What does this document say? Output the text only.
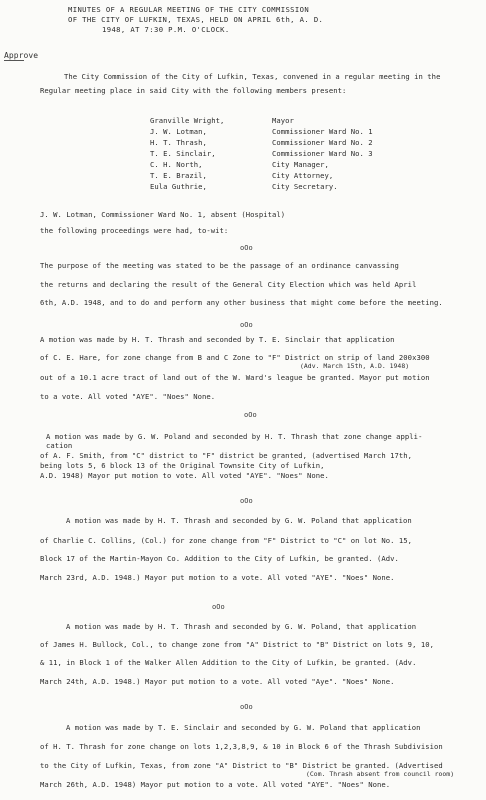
MINUTES OF A REGULAR MEETING OF THE CITY COMMISSION
OF THE CITY OF LUFKIN, TEXAS, HELD ON APRIL 6th, A. D.
1948, AT 7:30 P.M. O'CLOCK.
Approve
The City Commission of the City of Lufkin, Texas, convened in a regular meeting in the
Regular meeting place in said City with the following members present:
Granville Wright,	Mayor
J. W. Lotman,	Commissioner Ward No. 1
H. T. Thrash,	Commissioner Ward No. 2
T. E. Sinclair,	Commissioner Ward No. 3
C. H. North,	City Manager,
T. E. Brazil,	City Attorney,
Eula Guthrie,	City Secretary.
J. W. Lotman, Commissioner Ward No. 1, absent (Hospital)
the following proceedings were had, to-wit:
oOo
The purpose of the meeting was stated to be the passage of an ordinance canvassing
the returns and declaring the result of the General City Election which was held April
6th, A.D. 1948, and to do and perform any other business that might come before the meeting.
oOo
A motion was made by H. T. Thrash and seconded by T. E. Sinclair that application
of C. E. Hare, for zone change from B and C Zone to "F" District on strip of land 200x300
(Adv. March 15th, A.D. 1948)
out of a 10.1 acre tract of land out of the W. Ward's league be granted. Mayor put motion
to a vote. All voted "AYE". "Noes" None.
oOo
A motion was made by G. W. Poland and seconded by H. T. Thrash that zone change appli-
cation
of A. F. Smith, from "C" district to "F" district be granted, (advertised March 17th,
being lots 5, 6 block 13 of the Original Townsite City of Lufkin,
A.D. 1948) Mayor put motion to vote. All voted "AYE". "Noes" None.
oOo
A motion was made by H. T. Thrash and seconded by G. W. Poland that application
of Charlie C. Collins, (Col.) for zone change from "F" District to "C" on lot No. 15,
Block 17 of the Martin-Mayon Co. Addition to the City of Lufkin, be granted. (Adv.
March 23rd, A.D. 1948.) Mayor put motion to a vote. All voted "AYE". "Noes" None.
oOo
A motion was made by H. T. Thrash and seconded by G. W. Poland, that application
of James H. Bullock, Col., to change zone from "A" District to "B" District on lots 9, 10,
& 11, in Block 1 of the Walker Allen Addition to the City of Lufkin, be granted. (Adv.
March 24th, A.D. 1948.) Mayor put motion to a vote. All voted "Aye". "Noes" None.
oOo
A motion was made by T. E. Sinclair and seconded by G. W. Poland that application
of H. T. Thrash for zone change on lots 1,2,3,8,9, & 10 in Block 6 of the Thrash Subdivision
to the City of Lufkin, Texas, from zone "A" District to "B" District be granted. (Advertised
(Com. Thrash absent from council room)
March 26th, A.D. 1948) Mayor put motion to a vote. All voted "AYE". "Noes" None.
